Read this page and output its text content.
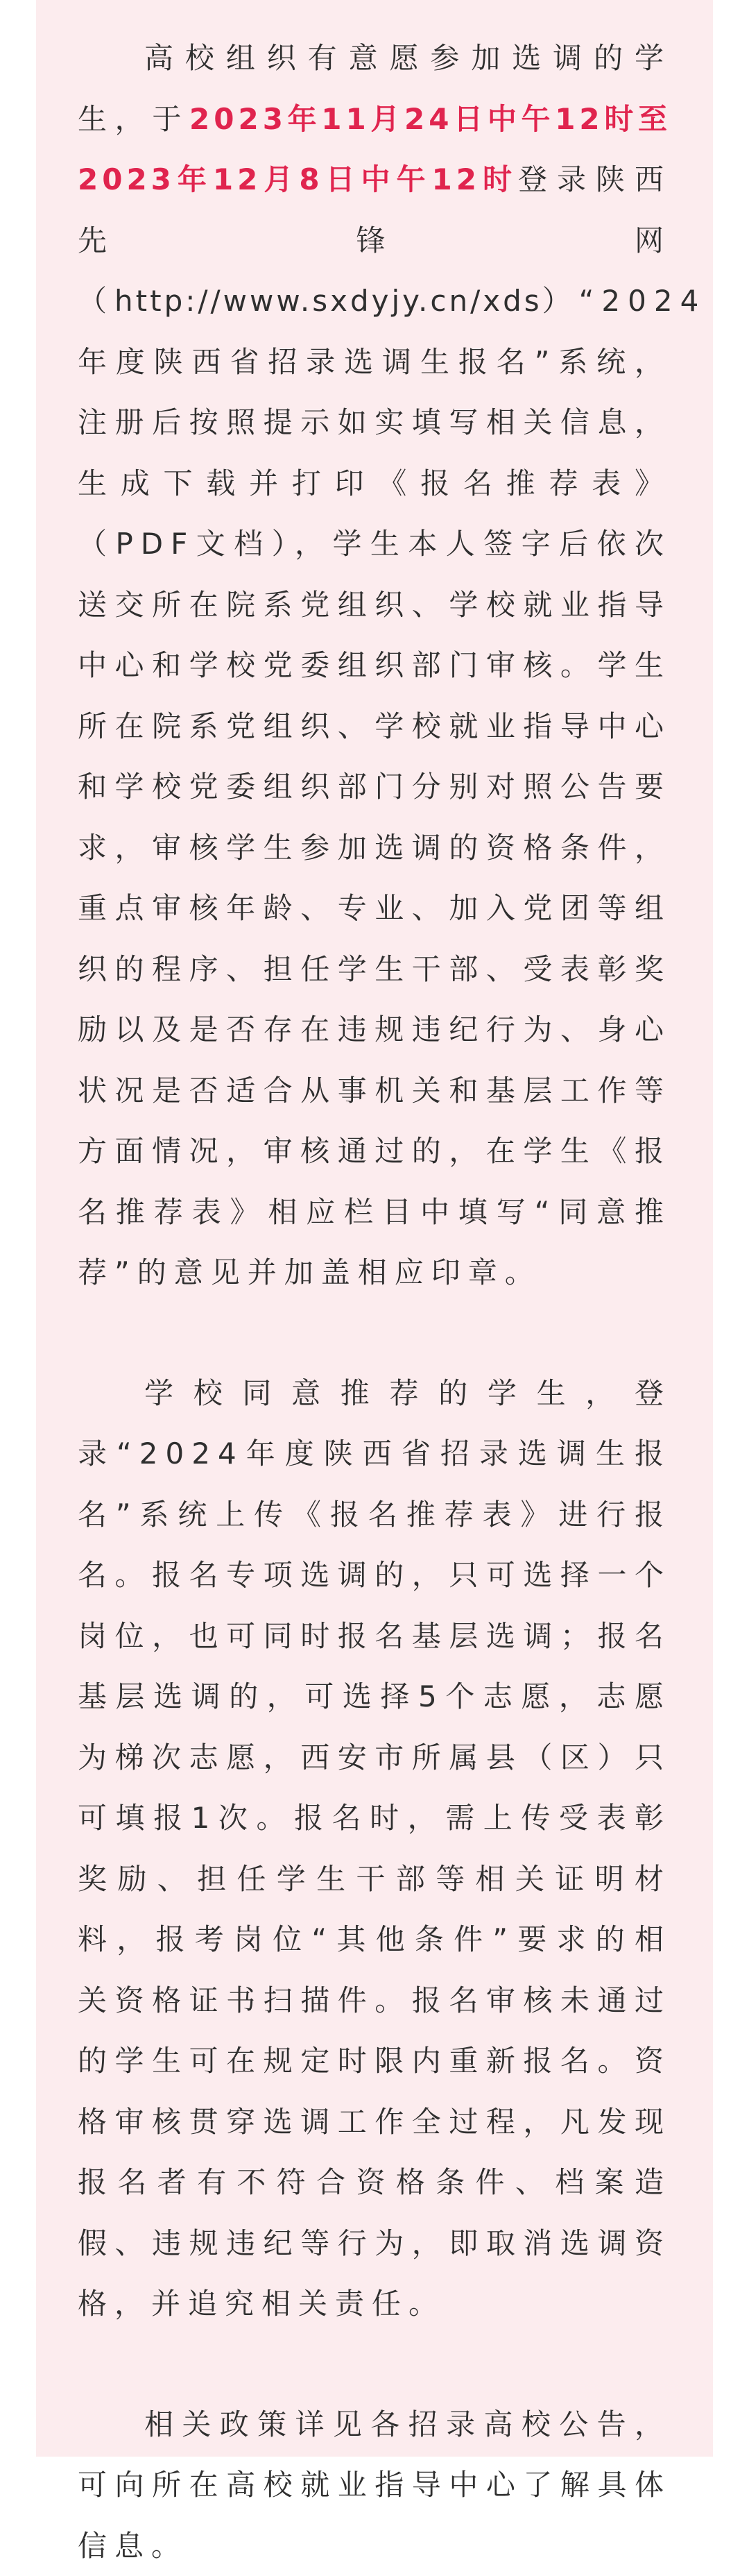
高校组织有意愿参加选调的学生，于2023年11月24日中午12时至2023年12月8日中午12时登录陕西先锋网（http://www.sxdyjy.cn/xds）“2024年度陕西省招录选调生报名”系统，注册后按照提示如实填写相关信息，生成下载并打印《报名推荐表》（PDF文档），学生本人签字后依次送交所在院系党组织、学校就业指导中心和学校党委组织部门审核。学生所在院系党组织、学校就业指导中心和学校党委组织部门分别对照公告要求，审核学生参加选调的资格条件，重点审核年龄、专业、加入党团等组织的程序、担任学生干部、受表彰奖励以及是否存在违规违纪行为、身心状况是否适合从事机关和基层工作等方面情况，审核通过的，在学生《报名推荐表》相应栏目中填写“同意推荐”的意见并加盖相应印章。

学校同意推荐的学生，登录“2024年度陕西省招录选调生报名”系统上传《报名推荐表》进行报名。报名专项选调的，只可选择一个岗位，也可同时报名基层选调；报名基层选调的，可选择5个志愿，志愿为梯次志愿，西安市所属县（区）只可填报1次。报名时，需上传受表彰奖励、担任学生干部等相关证明材料，报考岗位“其他条件”要求的相关资格证书扫描件。报名审核未通过的学生可在规定时限内重新报名。资格审核贯穿选调工作全过程，凡发现报名者有不符合资格条件、档案造假、违规违纪等行为，即取消选调资格，并追究相关责任。

相关政策详见各招录高校公告，可向所在高校就业指导中心了解具体信息。
